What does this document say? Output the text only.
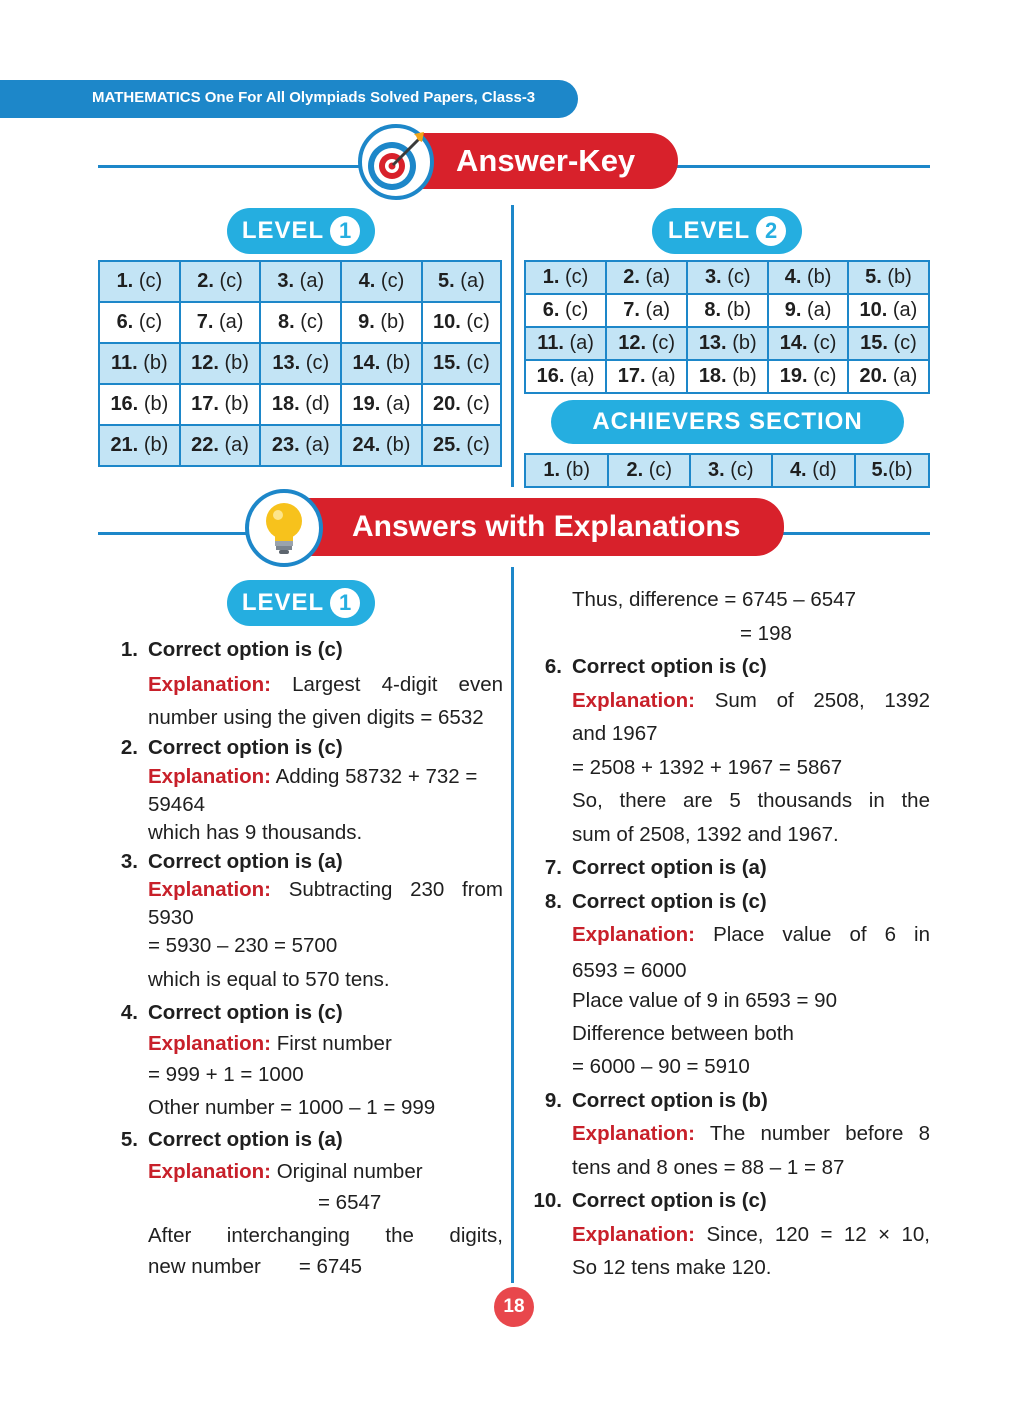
MATHEMATICS One For All Olympiads Solved Papers, Class-3
Answer-Key
LEVEL 1	LEVEL 2
1. (c)	2. (c)	3. (a)	4. (c)	5. (a)
6. (c)	7. (a)	8. (c)	9. (b)	10. (c)
11. (b)	12. (b)	13. (c)	14. (b)	15. (c)
16. (b)	17. (b)	18. (d)	19. (a)	20. (c)
21. (b)	22. (a)	23. (a)	24. (b)	25. (c)
1. (c)	2. (a)	3. (c)	4. (b)	5. (b)
6. (c)	7. (a)	8. (b)	9. (a)	10. (a)
11. (a)	12. (c)	13. (b)	14. (c)	15. (c)
16. (a)	17. (a)	18. (b)	19. (c)	20. (a)
ACHIEVERS SECTION
1. (b)	2. (c)	3. (c)	4. (d)	5.(b)
Answers with Explanations
LEVEL 1
1. Correct option is (c)
Explanation: Largest 4-digit even
number using the given digits = 6532
2. Correct option is (c)
Explanation: Adding 58732 + 732 =
59464
which has 9 thousands.
3. Correct option is (a)
Explanation: Subtracting 230 from
5930
= 5930 – 230 = 5700
which is equal to 570 tens.
4. Correct option is (c)
Explanation: First number
= 999 + 1 = 1000
Other number = 1000 – 1 = 999
5. Correct option is (a)
Explanation: Original number
= 6547
After interchanging the digits,
new number = 6745
Thus, difference = 6745 – 6547
= 198
6. Correct option is (c)
Explanation: Sum of 2508, 1392
and 1967
= 2508 + 1392 + 1967 = 5867
So, there are 5 thousands in the
sum of 2508, 1392 and 1967.
7. Correct option is (a)
8. Correct option is (c)
Explanation: Place value of 6 in
6593 = 6000
Place value of 9 in 6593 = 90
Difference between both
= 6000 – 90 = 5910
9. Correct option is (b)
Explanation: The number before 8
tens and 8 ones = 88 – 1 = 87
10. Correct option is (c)
Explanation: Since, 120 = 12 × 10,
So 12 tens make 120.
18
